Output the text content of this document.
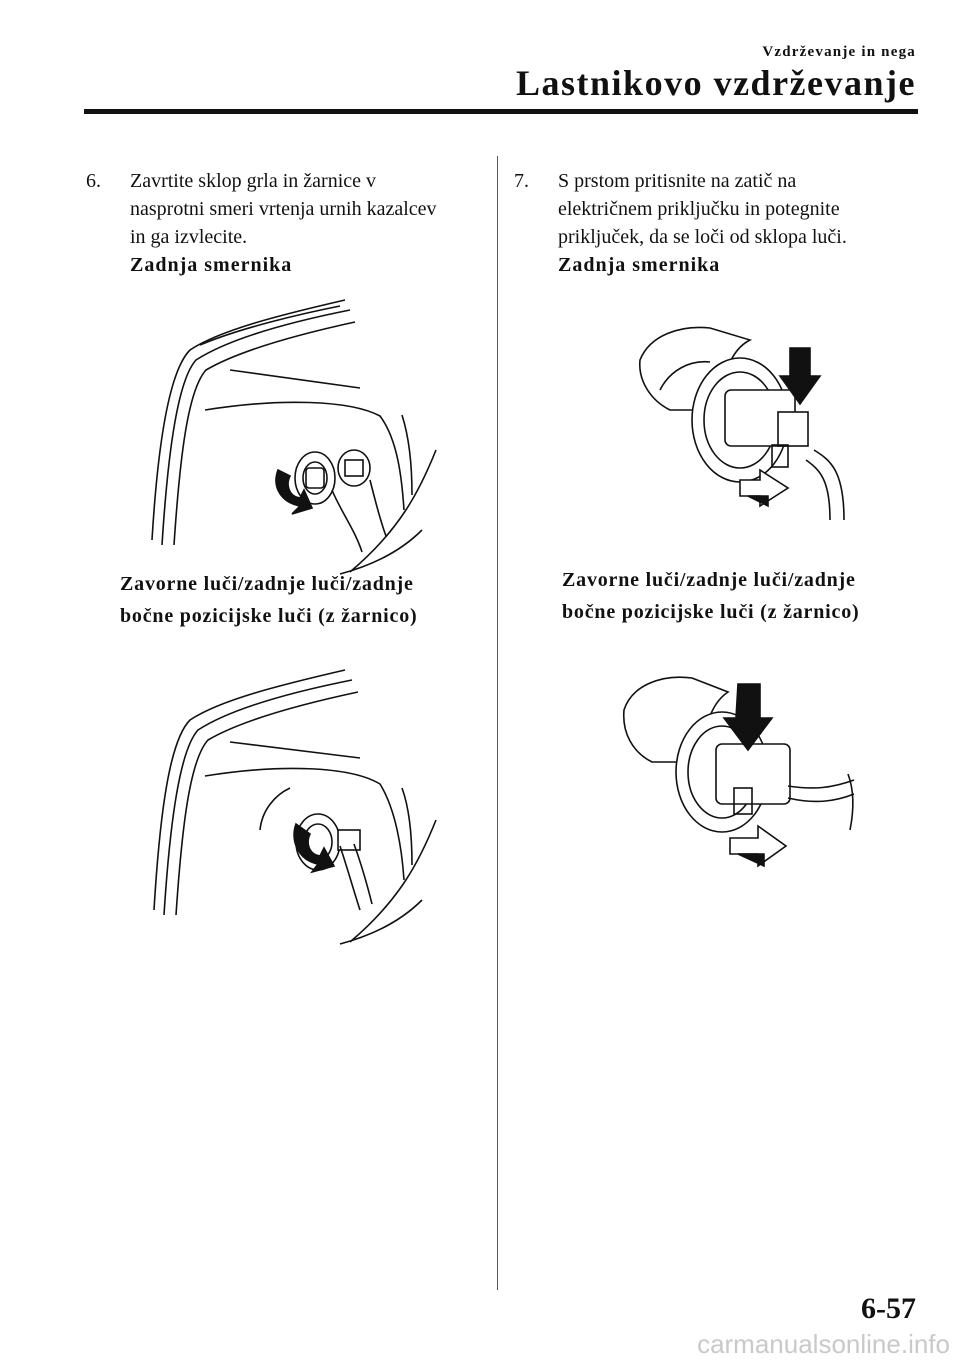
Vzdrževanje in nega
Lastnikovo vzdrževanje
6. Zavrtite sklop grla in žarnice v
nasprotni smeri vrtenja urnih kazalcev
in ga izvlecite.
Zadnja smernika
Zavorne luči/zadnje luči/zadnje
bočne pozicijske luči (z žarnico)
7. S prstom pritisnite na zatič na
električnem priključku in potegnite
priključek, da se loči od sklopa luči.
Zadnja smernika
Zavorne luči/zadnje luči/zadnje
bočne pozicijske luči (z žarnico)
6-57
carmanualsonline.info
